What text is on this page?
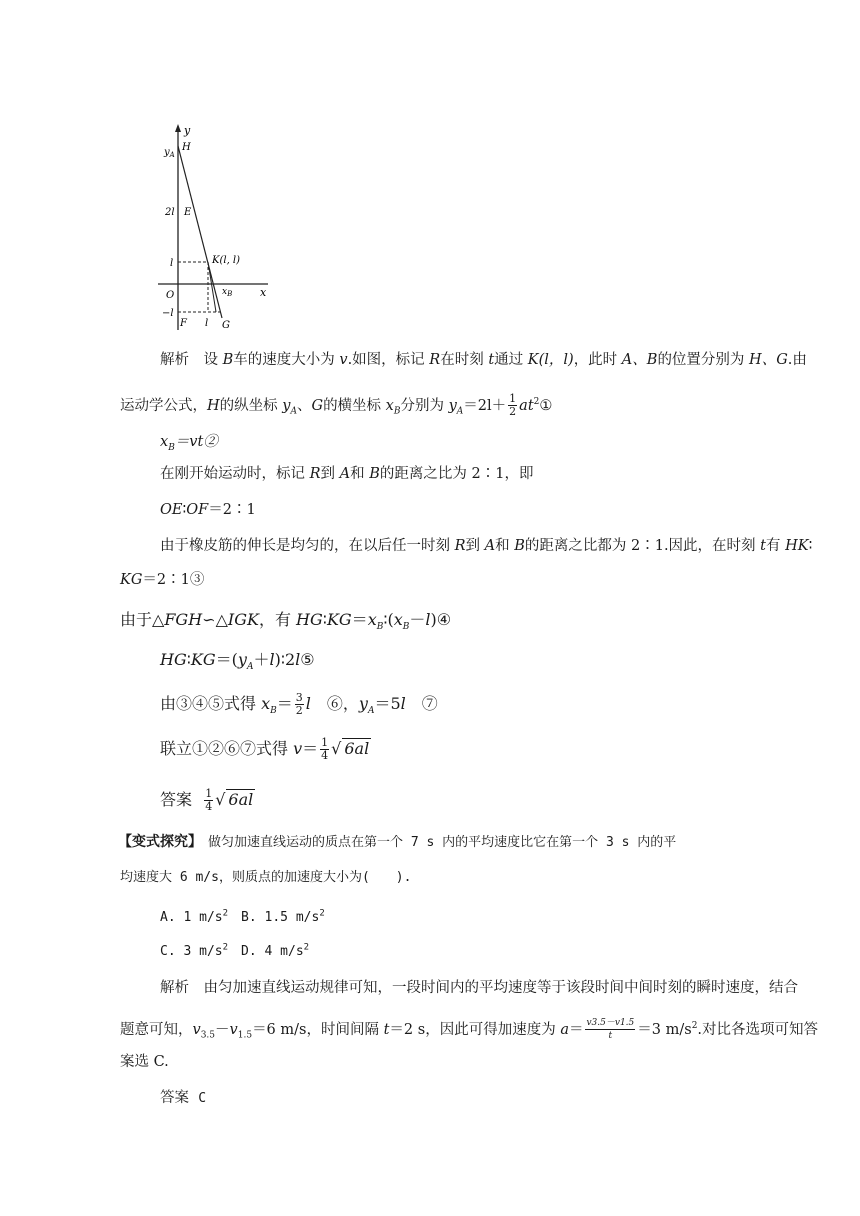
y
$y_A$
H
2l E
l	K(l, l)
O	$x_B$	x
−l
F l G
解析　设 B车的速度大小为 v.如图，标记 R在时刻 t通过 K(l，l)，此时 A、B的位置分别为 H、G.由
运动学公式，H的纵坐标 $y_A$、G的横坐标 $x_B$分别为 $y_A=2l+ \frac{1}{2}$ $at^2①$
$x_B=vt②$
在刚开始运动时，标记 R到 A和 B的距离之比为 2∶1，即
OE∶OF＝2∶1
由于橡皮筋的伸长是均匀的，在以后任一时刻 R到 A和 B的距离之比都为 2∶1.因此，在时刻 t有 HK∶
KG＝2∶1③
由于△FGH∽△IGK，有 $HG∶KG=x_B∶(x_B-l)④$
$HG∶KG=(y_A+l)∶2l⑤$
由③④⑤式得 $x_B= \frac{3}{2}$ l　⑥，$y_A=5l$　⑦
联立①②⑥⑦式得 $v= \frac{1}{4}$ √ 6al
答案 $\frac{1}{4}$ √ 6al
【变式探究】　做匀加速直线运动的质点在第一个 7 s 内的平均速度比它在第一个 3 s 内的平
均速度大 6 m/s，则质点的加速度大小为(　　).
A. 1 $m/s^2$　B. 1.5 $m/s^2$
C. 3 $m/s^2$　D. 4 $m/s^2$
解析　由匀加速直线运动规律可知，一段时间内的平均速度等于该段时间中间时刻的瞬时速度，结合
题意可知，$v_{3.5}-v_{1.5}=6$ m/s，时间间隔 t＝2 s，因此可得加速度为 $a= \frac{v3.5-v1.5}{t} =3$ $m/s^2$.对比各选项可知答
案选 C.
答案 C
